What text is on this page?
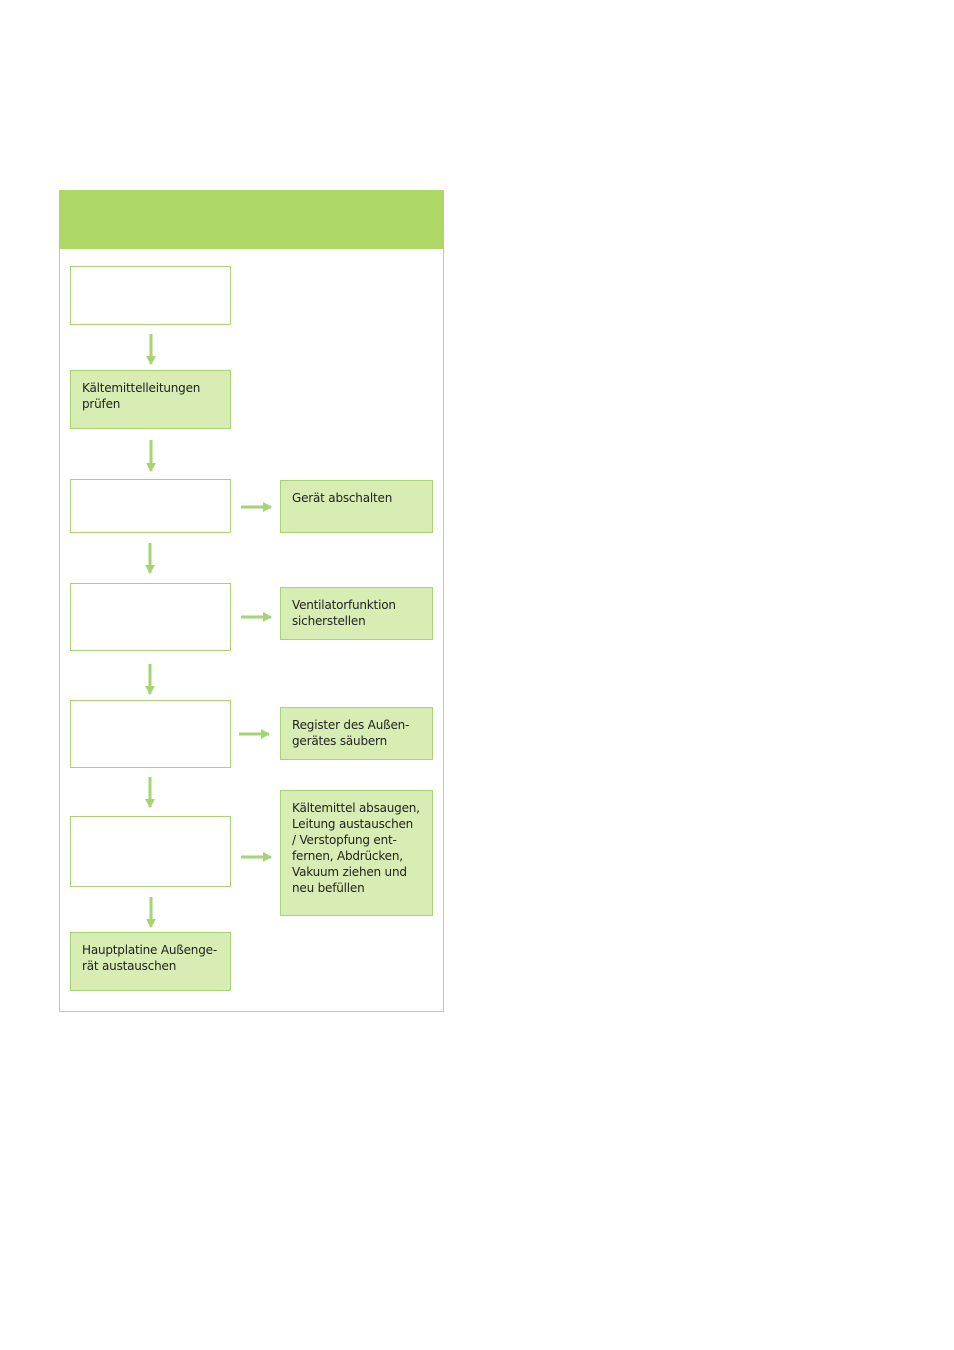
Kältemittelleitungen
prüfen
Hauptplatine Außenge-
rät austauschen
Gerät abschalten
Ventilatorfunktion
sicherstellen
Register des Außen-
gerätes säubern
Kältemittel absaugen,
Leitung austauschen
/ Verstopfung ent-
fernen, Abdrücken,
Vakuum ziehen und
neu befüllen
